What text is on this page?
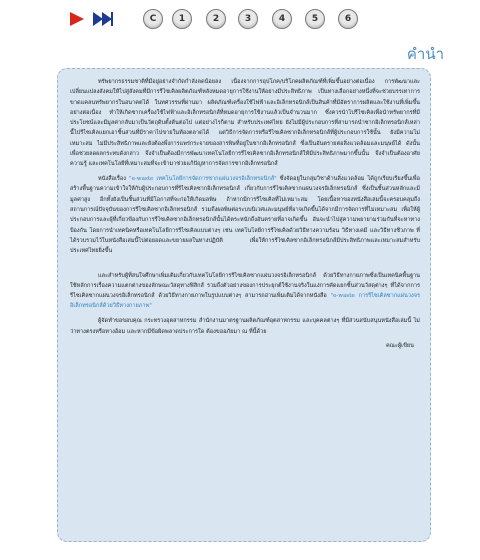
C	1	2	3	4	5	6
คำนำ

ทรัพยากรธรรมชาติที่มีอยู่อย่างจำกัดกำลังลดน้อยลง เนื่องจากการอุปโภค/บริโภคผลิตภัณฑ์ที่เพิ่มขึ้นอย่างต่อเนื่อง การพัฒนาและเปลี่ยนแปลงสังคมให้ไปสู่สังคมที่มีการรีไซเคิลผลิตภัณฑ์หลังหมดอายุการใช้งานให้อย่างมีประสิทธิภาพ เป็นทางเลือกอย่างหนึ่งที่จะช่วยบรรเทาการขาดแคลนทรัพยากรในอนาคตได้ ในทศวรรษที่ผ่านมา ผลิตภัณฑ์เครื่องใช้ไฟฟ้าและอิเล็กทรอนิกส์เป็นสินค้าที่มีอัตราการผลิตและใช้งานที่เพิ่มขึ้นอย่างต่อเนื่อง ทำให้เกิดซากเครื่องใช้ไฟฟ้าและอิเล็กทรอนิกส์ที่หมดอายุการใช้งานแล้วเป็นจำนวนมาก ซึ่งควรนำไปรีไซเคิลเพื่อนำทรัพยากรที่มีประโยชน์และมีมูลค่ากลับมาเป็นวัตถุดิบตั้งต้นต่อไป แต่อย่างไรก็ตาม สำหรับประเทศไทย ยังไม่มีผู้ประกอบการที่สามารถนำซากอิเล็กทรอนิกส์เหล่านี้ไปรีไซเคิลแยกเอาชิ้นส่วนที่มีราคาไปขายในท้องตลาดได้ แต่วิธีการจัดการหรือรีไซเคิลซากอิเล็กทรอนิกส์ที่ผู้ประกอบการใช้นั้น ยังมีความไม่เหมาะสม ไม่มีประสิทธิภาพและยังต้องพึ่งการแพร่กระจายของสารพิษที่อยู่ในซากอิเล็กทรอนิกส์ ซึ่งเป็นอันตรายต่อสิ่งแวดล้อมและมนุษย์ได้ ดังนั้นเพื่อช่วยลดผลกระทบดังกล่าว จึงจำเป็นต้องมีการพัฒนาเทคโนโลยีการรีไซเคิลซากอิเล็กทรอนิกส์ให้มีประสิทธิภาพมากขึ้นนั้น จึงจำเป็นต้องอาศัยความรู้ และเทคโนโลยีที่เหมาะสมที่จะเข้ามาช่วยแก้ปัญหาการจัดการซากอิเล็กทรอนิกส์

หนังสือเรื่อง "e-waste เทคโนโลยีการจัดการซากแผ่นวงจรอิเล็กทรอนิกส์" ซึ่งจัดอยู่ในกลุ่มวิชาด้านสิ่งแวดล้อม ได้ถูกเรียบเรียงขึ้นเพื่อสร้างพื้นฐานความเข้าใจให้กับผู้ประกอบการที่รีไซเคิลซากอิเล็กทรอนิกส์ เกี่ยวกับการรีไซเคิลซากแผ่นวงจรอิเล็กทรอนิกส์ ซึ่งเป็นชิ้นส่วนหลักและมีมูลค่าสูง อีกทั้งยังเป็นชิ้นส่วนที่มีโอกาสที่จะก่อให้เกิดมลพิษ ถ้าหากมีการรีไซเคิลที่ไม่เหมาะสม โดยเนื้อหาของหนังสือเล่มนี้จะครอบคลุมถึงสถานการณ์ปัจจุบันของการรีไซเคิลซากอิเล็กทรอนิกส์ รวมถึงผลพิษต่อระบบนิเวศและมนุษย์ที่อาจเกิดขึ้นได้จากมีการจัดการที่ไม่เหมาะสม เพื่อให้ผู้ประกอบการและผู้ที่เกี่ยวข้องกับการรีไซเคิลซากอิเล็กทรอนิกส์นั้นได้ตระหนักถึงอันตรายที่อาจเกิดขึ้น อันจะนำไปสู่ความพยายามร่วมกันที่จะหาทางป้องกัน โดยการนำเทคนิคหรือเทคโนโลยีการรีไซเคิลแบบต่างๆ เช่น เทคโนโลยีการรีไซเคิลด้วยวิธีทางความร้อน วิธีทางเคมี และวิธีทางชีวภาพ ที่ได้รวบรวมไว้ในหนังสือเล่มนี้ไปต่อยอดและขยายผลในทางปฏิบัติ เพื่อให้การรีไซเคิลซากอิเล็กทรอนิกส์มีประสิทธิภาพและเหมาะสมสำหรับประเทศไทยยิ่งขึ้น

และสำหรับผู้ที่สนใจศึกษาเพิ่มเติมเกี่ยวกับเทคโนโลยีการรีไซเคิลซากแผ่นวงจรอิเล็กทรอนิกส์ ด้วยวิธีทางกายภาพซึ่งเป็นเทคนิคพื้นฐานใช้หลักการเรื่องความแตกต่างของลักษณะวัสดุทางฟิสิกส์ รวมถึงตัวอย่างของการประยุกต์ใช้งานจริงในแง่การคัดแยกชิ้นส่วนวัสดุต่างๆ ที่ได้จากการรีไซเคิลซากแผ่นวงจรอิเล็กทรอนิกส์ ด้วยวิธีทางกายภาพในรูปแบบต่างๆ สามารถอ่านเพิ่มเติมได้จากหนังสือ "e-waste การรีไซเคิลซากแผ่นวงจรอิเล็กทรอนิกส์ด้วยวิธีทางกายภาพ"

ผู้จัดทำขอขอบคุณ กระทรวงอุตสาหกรรม สำนักงานมาตรฐานผลิตภัณฑ์อุตสาหกรรม และบุคคลต่างๆ ที่มีส่วนสนับสนุนหนังสือเล่มนี้ ไม่ว่าทางตรงหรือทางอ้อม และหากมีข้อผิดพลาดประการใด ต้องขออภัยมา ณ ที่นี้ด้วย

คณะผู้เขียน
